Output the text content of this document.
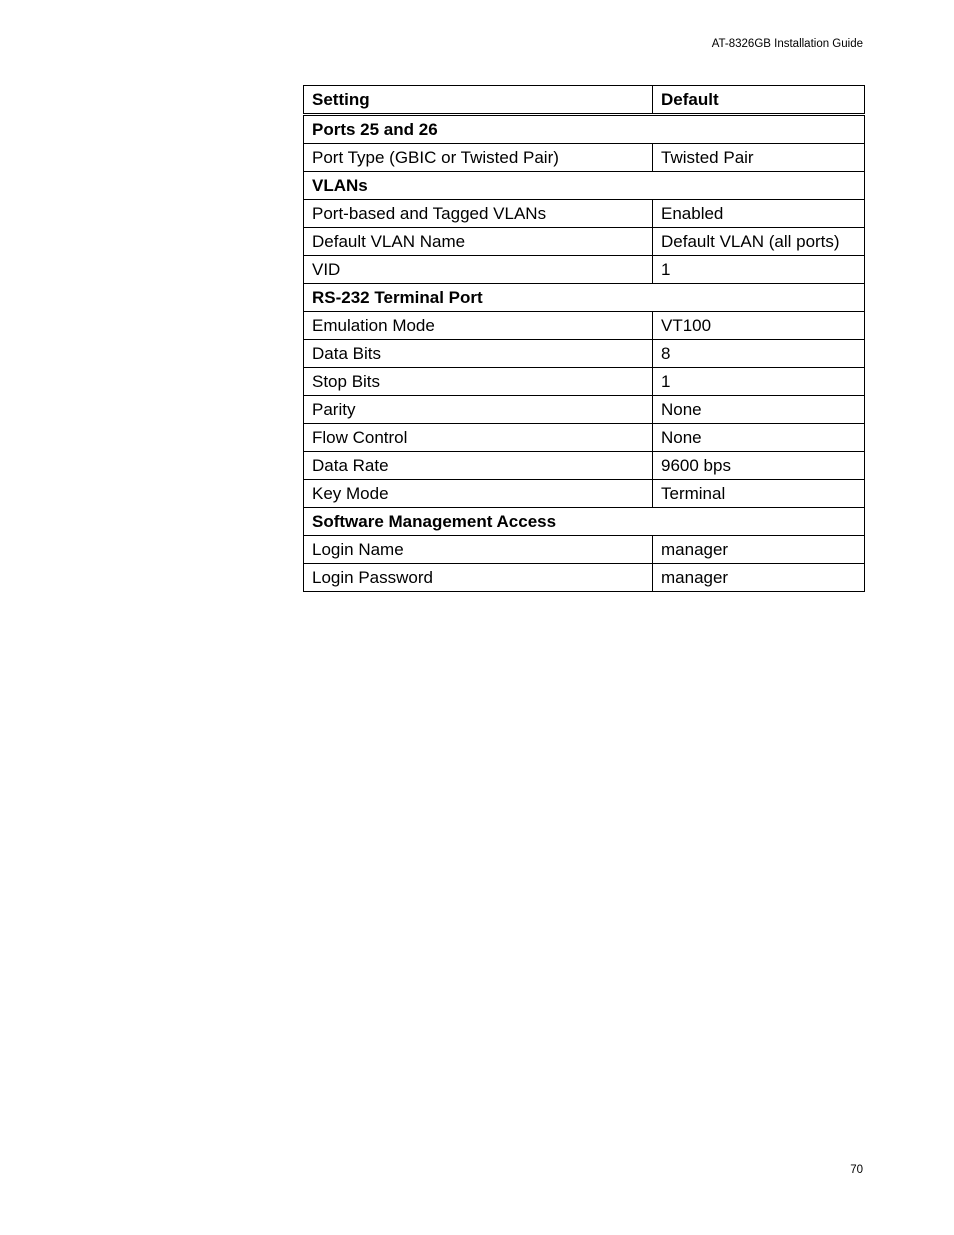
AT-8326GB Installation Guide
Setting	Default
Ports 25 and 26	
Port Type (GBIC or Twisted Pair)	Twisted Pair
VLANs	
Port-based and Tagged VLANs	Enabled
Default VLAN Name	Default VLAN (all ports)
VID	1
RS-232 Terminal Port	
Emulation Mode	VT100
Data Bits	8
Stop Bits	1
Parity	None
Flow Control	None
Data Rate	9600 bps
Key Mode	Terminal
Software Management Access	
Login Name	manager
Login Password	manager
70
